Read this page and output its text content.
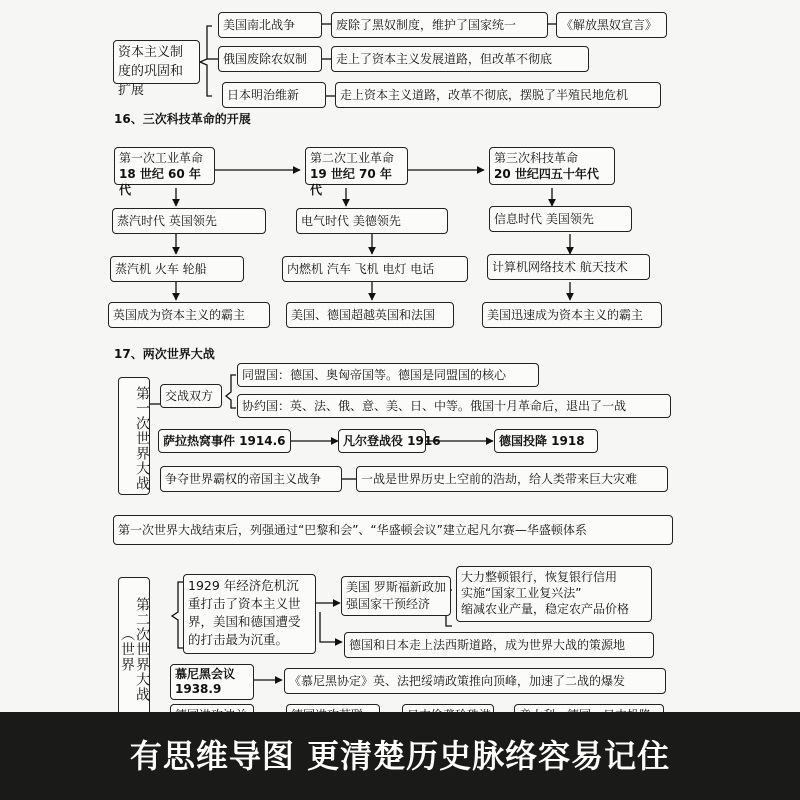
资本主义制度的巩固和扩展
美国南北战争	废除了黑奴制度，维护了国家统一	《解放黑奴宣言》
俄国废除农奴制	走上了资本主义发展道路，但改革不彻底
日本明治维新	走上资本主义道路，改革不彻底，摆脱了半殖民地危机
16、三次科技革命的开展
第一次工业革命
18 世纪 60 年代
第二次工业革命
19 世纪 70 年代
第三次科技革命
20 世纪四五十年代
蒸汽时代 英国领先	电气时代 美德领先	信息时代 美国领先
蒸汽机 火车 轮船	内燃机 汽车 飞机 电灯 电话	计算机网络技术 航天技术
英国成为资本主义的霸主	美国、德国超越英国和法国	美国迅速成为资本主义的霸主
17、两次世界大战
第一次世界大战	交战双方
同盟国：德国、奥匈帝国等。德国是同盟国的核心
协约国：英、法、俄、意、美、日、中等。俄国十月革命后，退出了一战
萨拉热窝事件 1914.6	凡尔登战役 1916	德国投降 1918
争夺世界霸权的帝国主义战争	一战是世界历史上空前的浩劫，给人类带来巨大灾难
第一次世界大战结束后，列强通过“巴黎和会”、“华盛顿会议”建立起凡尔赛—华盛顿体系
第二次世界大战（世界
1929 年经济危机沉重打击了资本主义世界，美国和德国遭受的打击最为沉重。
美国 罗斯福新政加强国家干预经济
大力整顿银行，恢复银行信用
实施“国家工业复兴法”
缩减农业产量，稳定农产品价格
德国和日本走上法西斯道路，成为世界大战的策源地
慕尼黑会议 1938.9
《慕尼黑协定》英、法把绥靖政策推向顶峰，加速了二战的爆发
有思维导图 更清楚历史脉络容易记住
